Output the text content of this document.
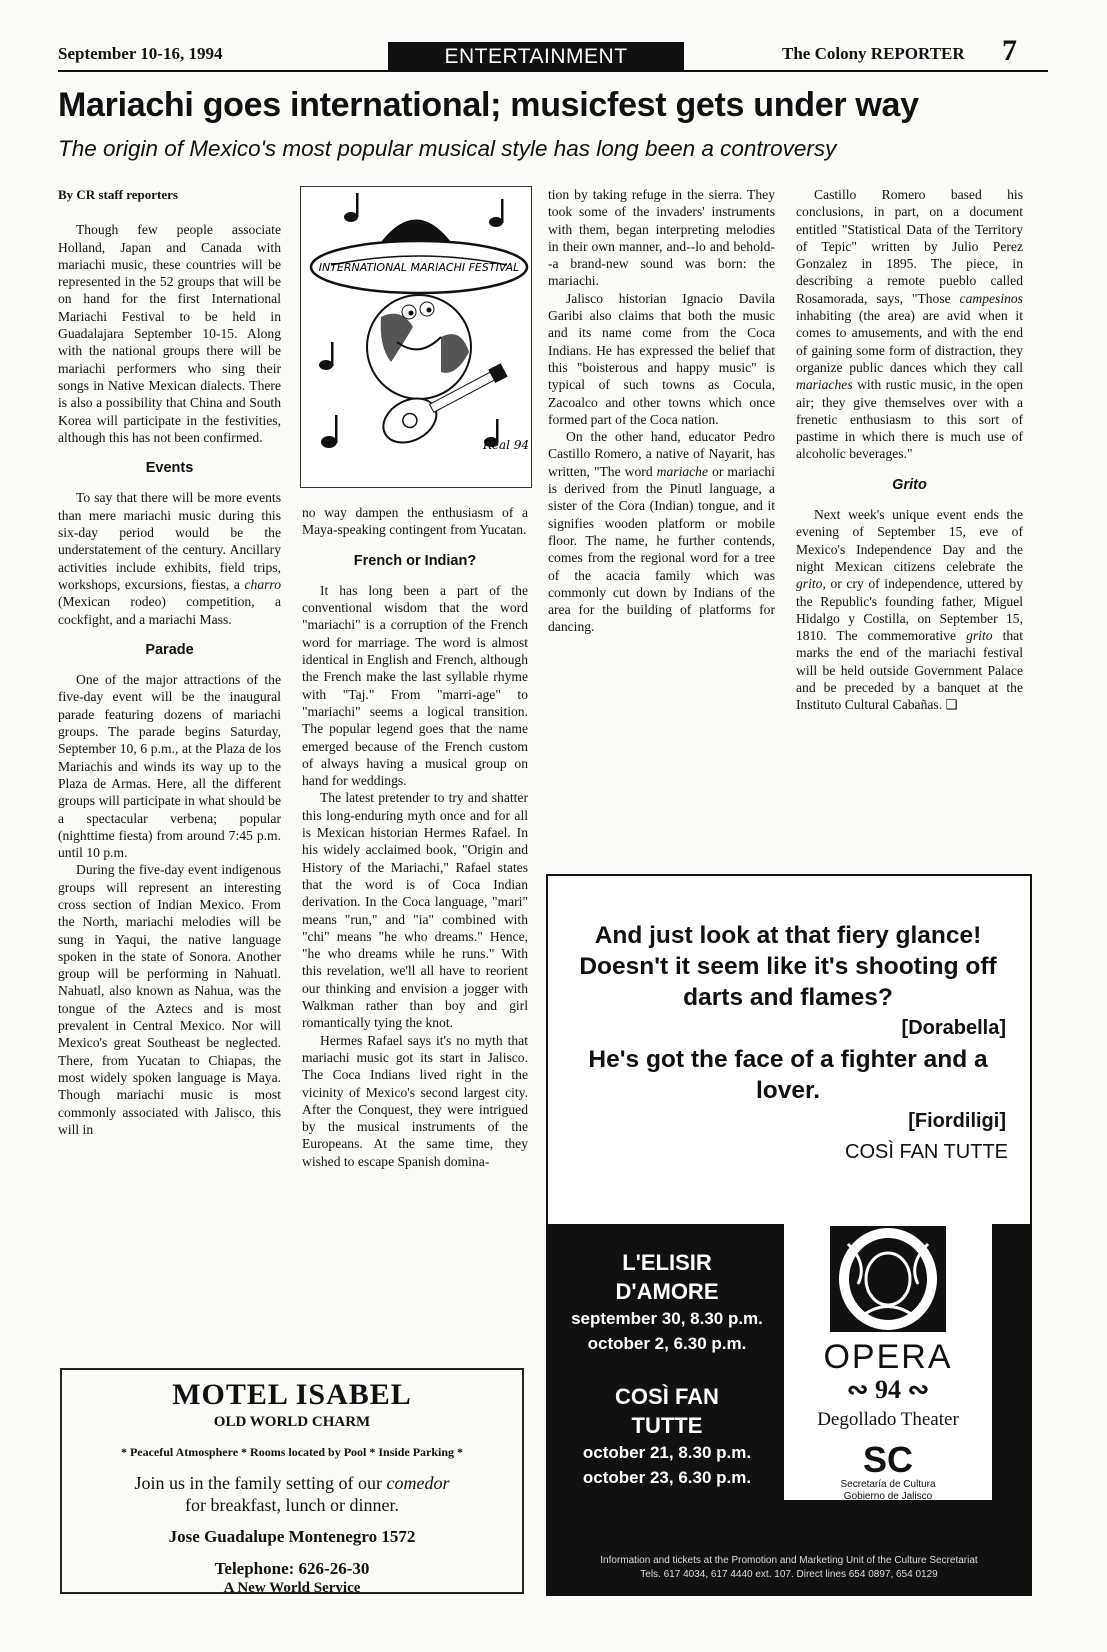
September 10-16, 1994	ENTERTAINMENT	The Colony REPORTER 7
Mariachi goes international; musicfest gets under way
The origin of Mexico's most popular musical style has long been a controversy

By CR staff reporters

Though few people associate Holland, Japan and Canada with mariachi music, these countries will be represented in the 52 groups that will be on hand for the first International Mariachi Festival to be held in Guadalajara September 10-15. Along with the national groups there will be mariachi performers who sing their songs in Native Mexican dialects. There is also a possibility that China and South Korea will participate in the festivities, although this has not been confirmed.

Events

To say that there will be more events than mere mariachi music during this six-day period would be the understatement of the century. Ancillary activities include exhibits, field trips, workshops, excursions, fiestas, a charro (Mexican rodeo) competition, a cockfight, and a mariachi Mass.

Parade

One of the major attractions of the five-day event will be the inaugural parade featuring dozens of mariachi groups. The parade begins Saturday, September 10, 6 p.m., at the Plaza de los Mariachis and winds its way up to the Plaza de Armas. Here, all the different groups will participate in what should be a spectacular verbena; popular (nighttime fiesta) from around 7:45 p.m. until 10 p.m.

During the five-day event indigenous groups will represent an interesting cross section of Indian Mexico. From the North, mariachi melodies will be sung in Yaqui, the native language spoken in the state of Sonora. Another group will be performing in Nahuatl. Nahuatl, also known as Nahua, was the tongue of the Aztecs and is most prevalent in Central Mexico. Nor will Mexico's great Southeast be neglected. There, from Yucatan to Chiapas, the most widely spoken language is Maya. Though mariachi music is most commonly associated with Jalisco, this will in

INTERNATIONAL MARIACHI FESTIVAL
Real 94

no way dampen the enthusiasm of a Maya-speaking contingent from Yucatan.

French or Indian?

It has long been a part of the conventional wisdom that the word "mariachi" is a corruption of the French word for marriage. The word is almost identical in English and French, although the French make the last syllable rhyme with "Taj." From "marri-age" to "mariachi" seems a logical transition. The popular legend goes that the name emerged because of the French custom of always having a musical group on hand for weddings.

The latest pretender to try and shatter this long-enduring myth once and for all is Mexican historian Hermes Rafael. In his widely acclaimed book, "Origin and History of the Mariachi," Rafael states that the word is of Coca Indian derivation. In the Coca language, "mari" means "run," and "ia" combined with "chi" means "he who dreams." Hence, "he who dreams while he runs." With this revelation, we'll all have to reorient our thinking and envision a jogger with Walkman rather than boy and girl romantically tying the knot.

Hermes Rafael says it's no myth that mariachi music got its start in Jalisco. The Coca Indians lived right in the vicinity of Mexico's second largest city. After the Conquest, they were intrigued by the musical instruments of the Europeans. At the same time, they wished to escape Spanish domina-

tion by taking refuge in the sierra. They took some of the invaders' instruments with them, began interpreting melodies in their own manner, and--lo and behold--a brand-new sound was born: the mariachi.

Jalisco historian Ignacio Davila Garibi also claims that both the music and its name come from the Coca Indians. He has expressed the belief that this "boisterous and happy music" is typical of such towns as Cocula, Zacoalco and other towns which once formed part of the Coca nation.

On the other hand, educator Pedro Castillo Romero, a native of Nayarit, has written, "The word mariache or mariachi is derived from the Pinutl language, a sister of the Cora (Indian) tongue, and it signifies wooden platform or mobile floor. The name, he further contends, comes from the regional word for a tree of the acacia family which was commonly cut down by Indians of the area for the building of platforms for dancing.

Castillo Romero based his conclusions, in part, on a document entitled "Statistical Data of the Territory of Tepic" written by Julio Perez Gonzalez in 1895. The piece, in describing a remote pueblo called Rosamorada, says, "Those campesinos inhabiting (the area) are avid when it comes to amusements, and with the end of gaining some form of distraction, they organize public dances which they call mariaches with rustic music, in the open air; they give themselves over with a frenetic enthusiasm to this sort of pastime in which there is much use of alcoholic beverages."

Grito

Next week's unique event ends the evening of September 15, eve of Mexico's Independence Day and the night Mexican citizens celebrate the grito, or cry of independence, uttered by the Republic's founding father, Miguel Hidalgo y Costilla, on September 15, 1810. The commemorative grito that marks the end of the mariachi festival will be held outside Government Palace and be preceded by a banquet at the Instituto Cultural Cabañas. ❏

MOTEL ISABEL
OLD WORLD CHARM
* Peaceful Atmosphere * Rooms located by Pool * Inside Parking *
Join us in the family setting of our comedor
for breakfast, lunch or dinner.
Jose Guadalupe Montenegro 1572
Telephone: 626-26-30
A New World Service
And just look at that fiery glance! Doesn't it seem like it's shooting off darts and flames?
[Dorabella]
He's got the face of a fighter and a lover.
[Fiordiligi]
COSÌ FAN TUTTE
L'ELISIR
D'AMORE
september 30, 8.30 p.m.
october 2, 6.30 p.m.
COSÌ FAN
TUTTE
october 21, 8.30 p.m.
october 23, 6.30 p.m.
OPERA
∾ 94 ∾
Degollado Theater
SC
Secretaría de Cultura
Gobierno de Jalisco
Information and tickets at the Promotion and Marketing Unit of the Culture Secretariat
Tels. 617 4034, 617 4440 ext. 107. Direct lines 654 0897, 654 0129
